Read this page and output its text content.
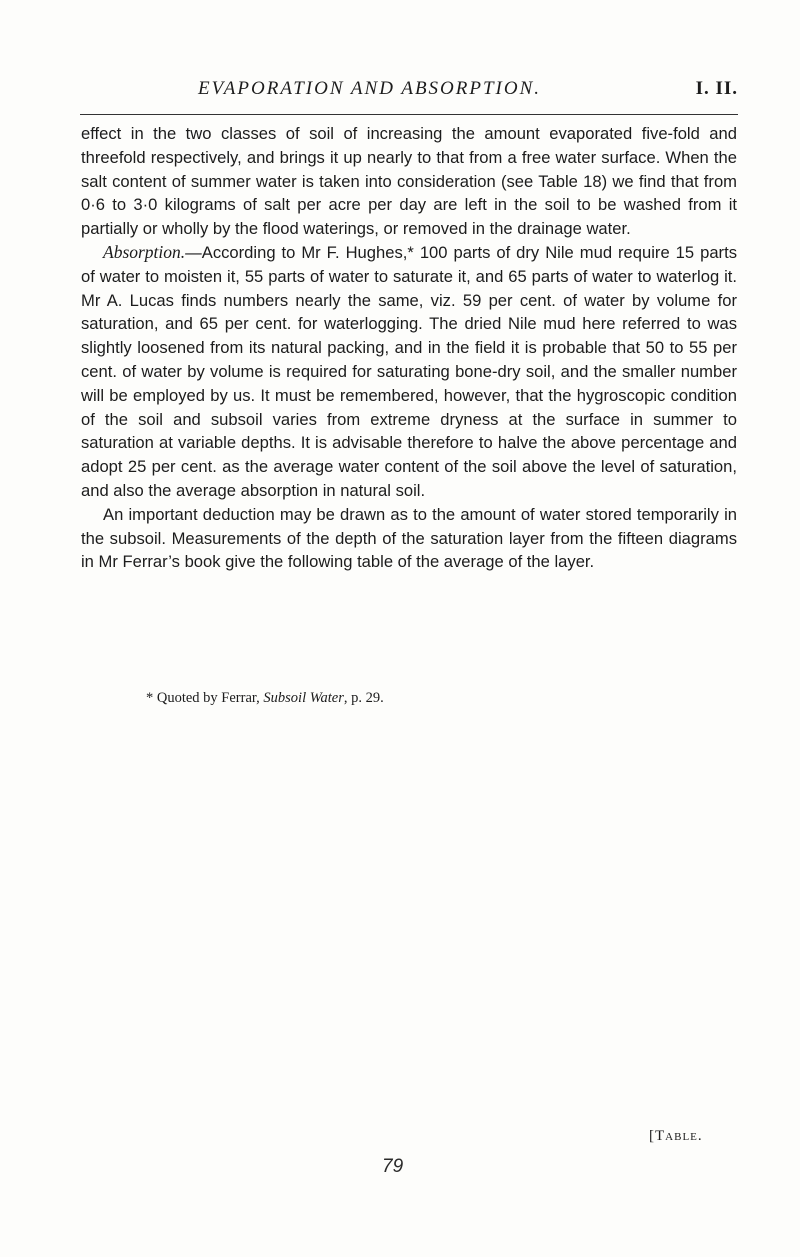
EVAPORATION AND ABSORPTION.	I. II.

effect in the two classes of soil of increasing the amount evaporated five-fold and threefold respectively, and brings it up nearly to that from a free water surface. When the salt content of summer water is taken into consideration (see Table 18) we find that from 0·6 to 3·0 kilograms of salt per acre per day are left in the soil to be washed from it partially or wholly by the flood waterings, or removed in the drainage water.

Absorption.—According to Mr F. Hughes,* 100 parts of dry Nile mud require 15 parts of water to moisten it, 55 parts of water to saturate it, and 65 parts of water to waterlog it. Mr A. Lucas finds numbers nearly the same, viz. 59 per cent. of water by volume for saturation, and 65 per cent. for waterlogging. The dried Nile mud here referred to was slightly loosened from its natural packing, and in the field it is probable that 50 to 55 per cent. of water by volume is required for saturating bone-dry soil, and the smaller number will be employed by us. It must be remembered, however, that the hygroscopic condition of the soil and subsoil varies from extreme dryness at the surface in summer to saturation at variable depths. It is advisable therefore to halve the above percentage and adopt 25 per cent. as the average water content of the soil above the level of saturation, and also the average absorption in natural soil.

An important deduction may be drawn as to the amount of water stored temporarily in the subsoil. Measurements of the depth of the saturation layer from the fifteen diagrams in Mr Ferrar’s book give the following table of the average of the layer.

* Quoted by Ferrar, Subsoil Water, p. 29.
[Table.
79
